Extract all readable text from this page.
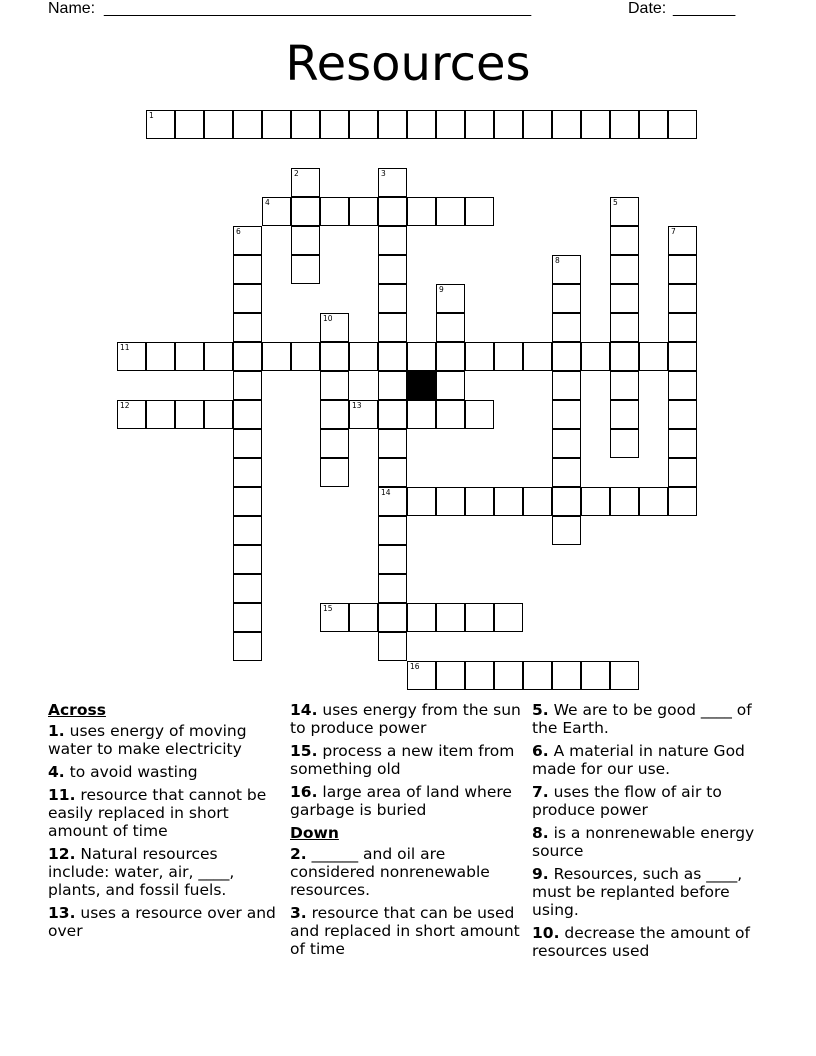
Name: ________________________________________________	Date: _______
Resources
1
2	3
14
4	5
6	7
8
9
10
11
12	13
15
16
Across
1. uses energy of moving water to make electricity
4. to avoid wasting
11. resource that cannot be easily replaced in short amount of time
12. Natural resources include: water, air, ____, plants, and fossil fuels.
13. uses a resource over and over
14. uses energy from the sun to produce power
15. process a new item from something old
16. large area of land where garbage is buried
Down
2. ______ and oil are considered nonrenewable resources.
3. resource that can be used and replaced in short amount of time
5. We are to be good ____ of the Earth.
6. A material in nature God made for our use.
7. uses the flow of air to produce power
8. is a nonrenewable energy source
9. Resources, such as ____, must be replanted before using.
10. decrease the amount of resources used
